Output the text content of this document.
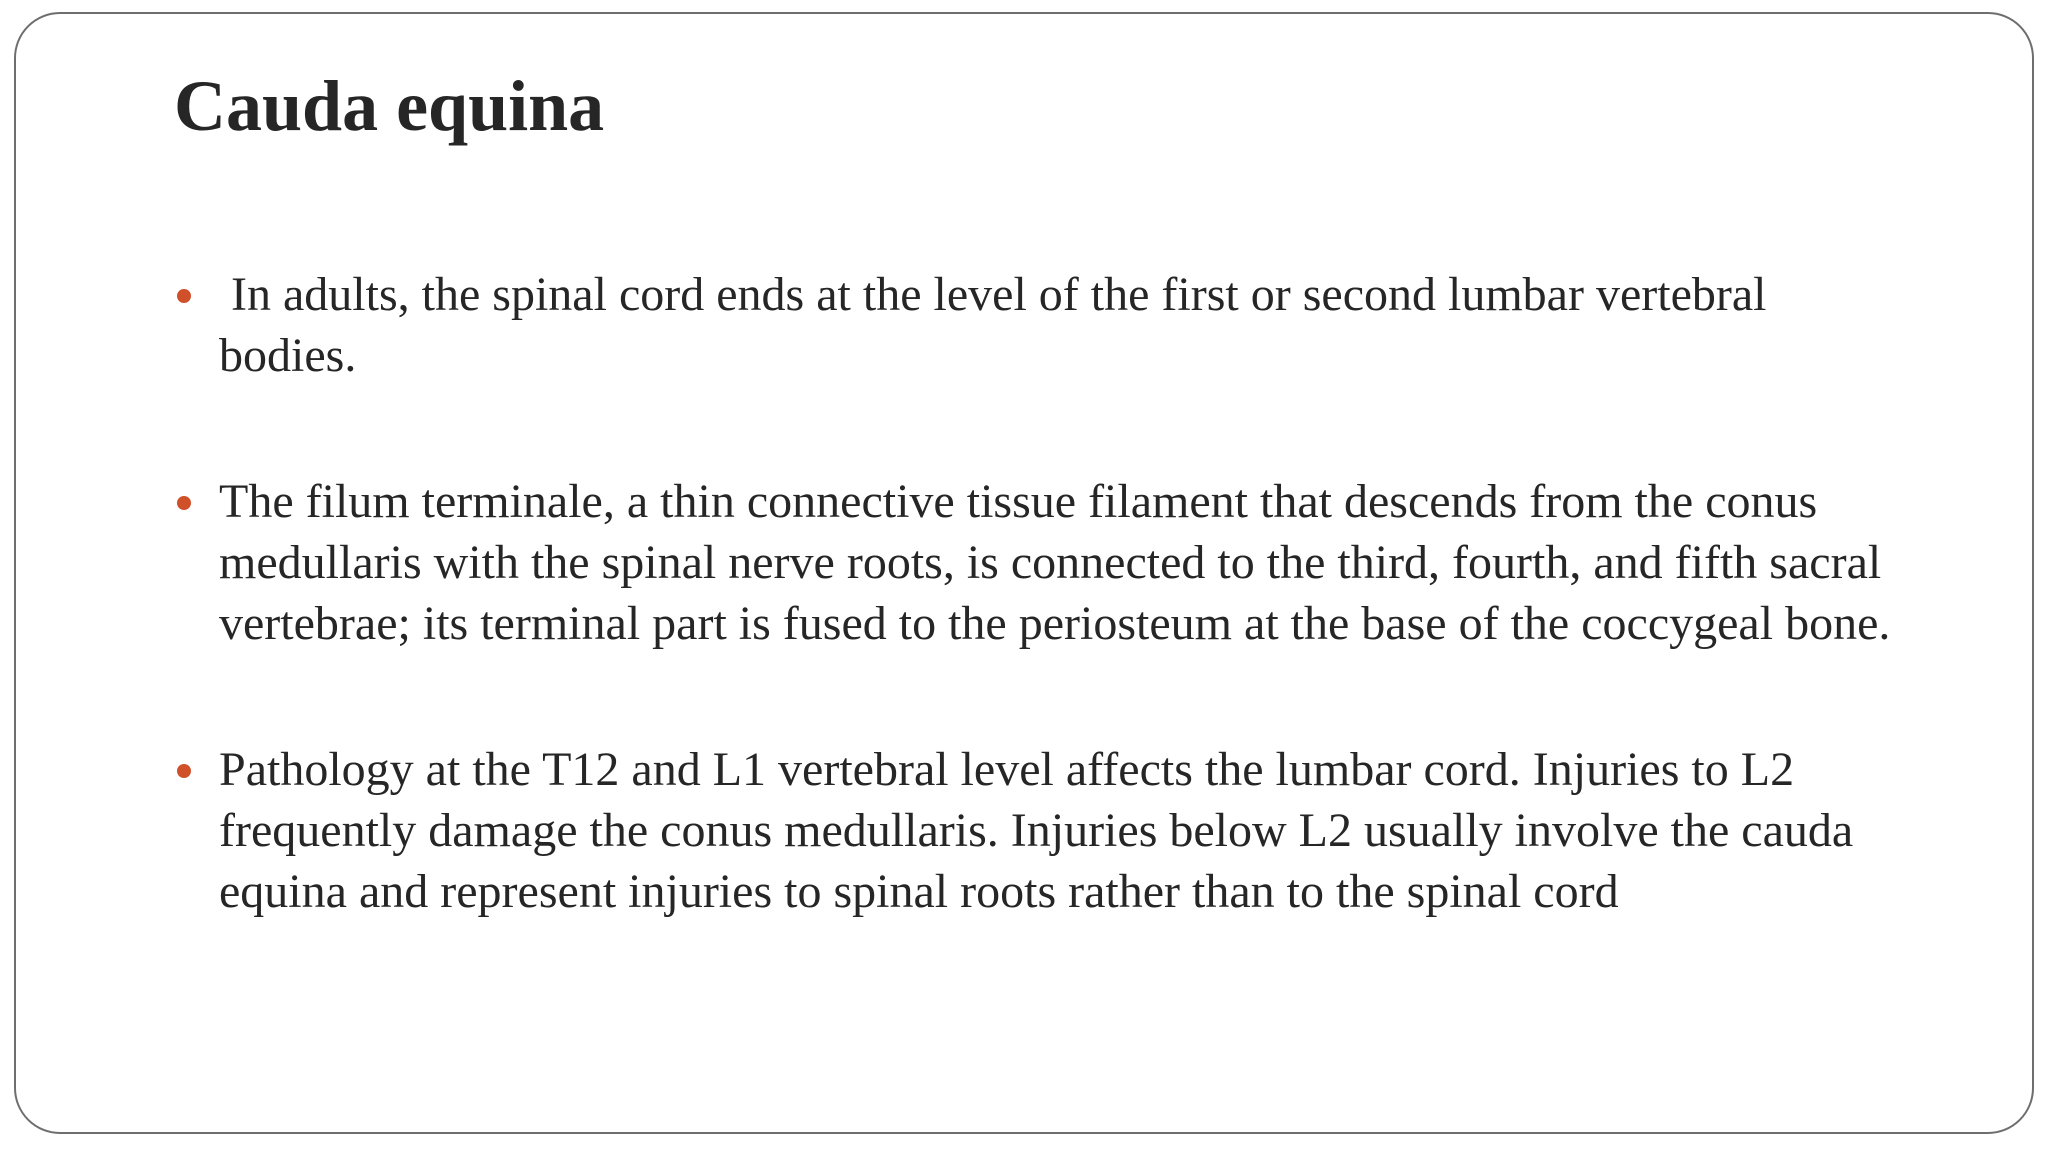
Cauda equina
In adults, the spinal cord ends at the level of the first or second lumbar vertebral bodies.
The filum terminale, a thin connective tissue filament that descends from the conus medullaris with the spinal nerve roots, is connected to the third, fourth, and fifth sacral vertebrae; its terminal part is fused to the periosteum at the base of the coccygeal bone.
Pathology at the T12 and L1 vertebral level affects the lumbar cord. Injuries to L2 frequently damage the conus medullaris. Injuries below L2 usually involve the cauda equina and represent injuries to spinal roots rather than to the spinal cord
